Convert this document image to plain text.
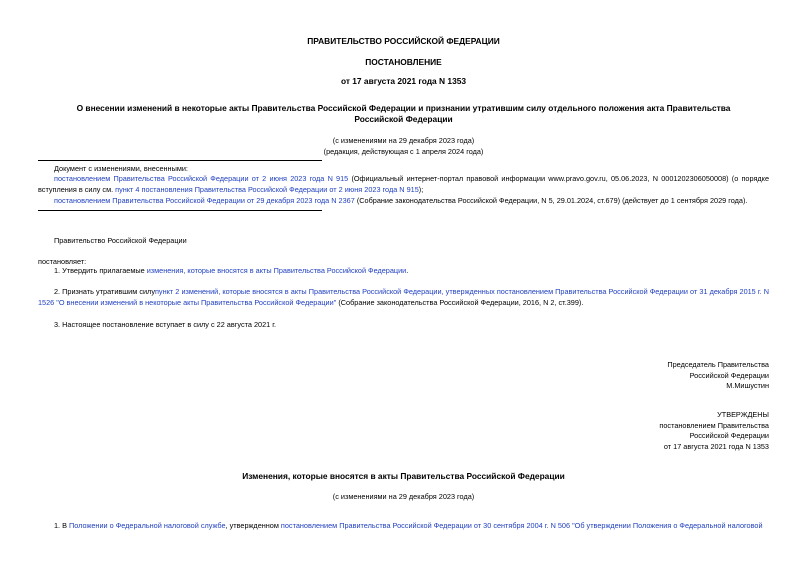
ПРАВИТЕЛЬСТВО РОССИЙСКОЙ ФЕДЕРАЦИИ
ПОСТАНОВЛЕНИЕ
от 17 августа 2021 года N 1353
О внесении изменений в некоторые акты Правительства Российской Федерации и признании утратившим силу отдельного положения акта Правительства Российской Федерации
(с изменениями на 29 декабря 2023 года)
(редакция, действующая с 1 апреля 2024 года)
Документ с изменениями, внесенными:
постановлением Правительства Российской Федерации от 2 июня 2023 года N 915 (Официальный интернет-портал правовой информации www.pravo.gov.ru, 05.06.2023, N 0001202306050008) (о порядке вступления в силу см. пункт 4 постановления Правительства Российской Федерации от 2 июня 2023 года N 915);
постановлением Правительства Российской Федерации от 29 декабря 2023 года N 2367 (Собрание законодательства Российской Федерации, N 5, 29.01.2024, ст.679) (действует до 1 сентября 2029 года).
Правительство Российской Федерации
постановляет:
1. Утвердить прилагаемые изменения, которые вносятся в акты Правительства Российской Федерации.
2. Признать утратившим силупункт 2 изменений, которые вносятся в акты Правительства Российской Федерации, утвержденных постановлением Правительства Российской Федерации от 31 декабря 2015 г. N 1526 "О внесении изменений в некоторые акты Правительства Российской Федерации" (Собрание законодательства Российской Федерации, 2016, N 2, ст.399).
3. Настоящее постановление вступает в силу с 22 августа 2021 г.
Председатель Правительства
Российской Федерации
М.Мишустин
УТВЕРЖДЕНЫ
постановлением Правительства
Российской Федерации
от 17 августа 2021 года N 1353
Изменения, которые вносятся в акты Правительства Российской Федерации
(с изменениями на 29 декабря 2023 года)
1. В Положении о Федеральной налоговой службе, утвержденном постановлением Правительства Российской Федерации от 30 сентября 2004 г. N 506 "Об утверждении Положения о Федеральной налоговой
